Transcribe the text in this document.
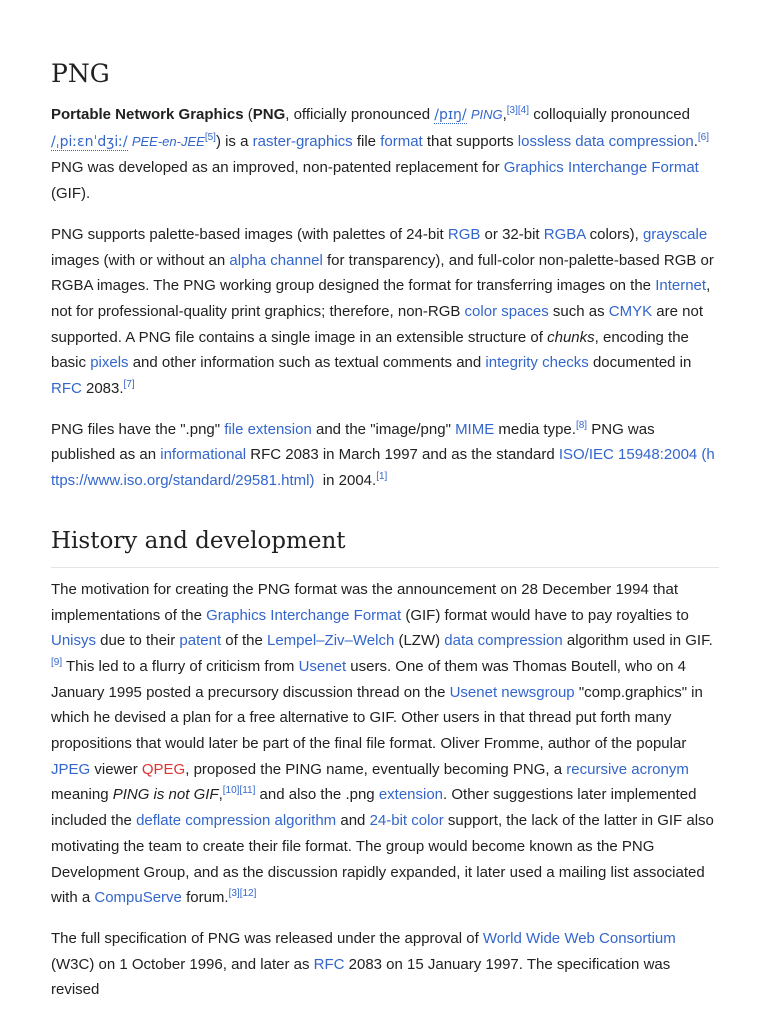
PNG

Portable Network Graphics (PNG, officially pronounced /pɪŋ/ PING,[3][4] colloquially pronounced
/ˌpiːɛnˈdʒiː/ PEE-en-JEE[5]) is a raster-graphics file format that supports lossless data compression.[6] PNG was developed as an improved, non-patented replacement for Graphics Interchange Format (GIF).

PNG supports palette-based images (with palettes of 24-bit RGB or 32-bit RGBA colors), grayscale images (with or without an alpha channel for transparency), and full-color non-palette-based RGB or RGBA images. The PNG working group designed the format for transferring images on the Internet, not for professional-quality print graphics; therefore, non-RGB color spaces such as CMYK are not supported. A PNG file contains a single image in an extensible structure of chunks, encoding the basic pixels and other information such as textual comments and integrity checks documented in RFC 2083.[7]

PNG files have the ".png" file extension and the "image/png" MIME media type.[8] PNG was published as an informational RFC 2083 in March 1997 and as the standard ISO/IEC 15948:2004 (https://www.iso.org/standard/29581.html)  in 2004.[1]

History and development

The motivation for creating the PNG format was the announcement on 28 December 1994 that implementations of the Graphics Interchange Format (GIF) format would have to pay royalties to Unisys due to their patent of the Lempel–Ziv–Welch (LZW) data compression algorithm used in GIF.[9] This led to a flurry of criticism from Usenet users. One of them was Thomas Boutell, who on 4 January 1995 posted a precursory discussion thread on the Usenet newsgroup "comp.graphics" in which he devised a plan for a free alternative to GIF. Other users in that thread put forth many propositions that would later be part of the final file format. Oliver Fromme, author of the popular JPEG viewer QPEG, proposed the PING name, eventually becoming PNG, a recursive acronym meaning PING is not GIF,[10][11] and also the .png extension. Other suggestions later implemented included the deflate compression algorithm and 24-bit color support, the lack of the latter in GIF also motivating the team to create their file format. The group would become known as the PNG Development Group, and as the discussion rapidly expanded, it later used a mailing list associated with a CompuServe forum.[3][12]

The full specification of PNG was released under the approval of World Wide Web Consortium (W3C) on 1 October 1996, and later as RFC 2083 on 15 January 1997. The specification was revised
